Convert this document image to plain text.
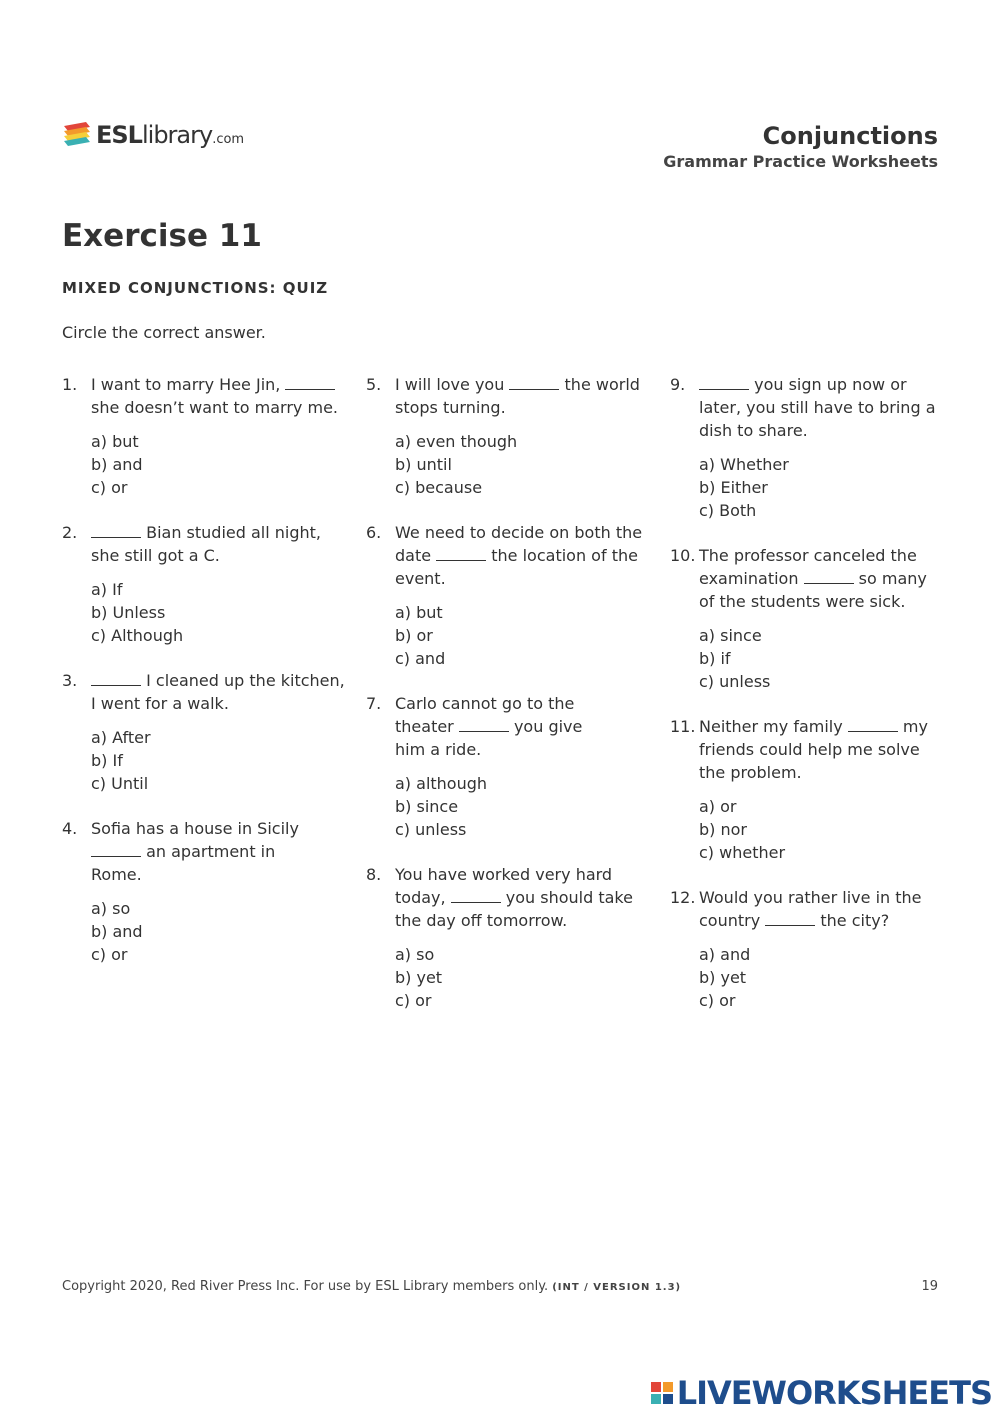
ESLlibrary.com	Conjunctions
Grammar Practice Worksheets
Exercise 11
MIXED CONJUNCTIONS: QUIZ
Circle the correct answer.
1. I want to marry Hee Jin,  she doesn’t want to marry me.
a) but
b) and
c) or
2.	Bian studied all night, she still got a C.
a) If
b) Unless
c) Although
3.	I cleaned up the kitchen, I went for a walk.
a) After
b) If
c) Until
4. Sofia has a house in Sicily  an apartment in Rome.
a) so
b) and
c) or
5. I will love you	the world stops turning.
a) even though
b) until
c) because
6. We need to decide on both the date	the location of the event.
a) but
b) or
c) and
7. Carlo cannot go to the theater	you give him a ride.
a) although
b) since
c) unless
8. You have worked very hard today,	you should take the day off tomorrow.
a) so
b) yet
c) or
9.	you sign up now or later, you still have to bring a dish to share.
a) Whether
b) Either
c) Both
10. The professor canceled the examination	so many of the students were sick.
a) since
b) if
c) unless
11. Neither my family	my friends could help me solve the problem.
a) or
b) nor
c) whether
12. Would you rather live in the country	the city?
a) and
b) yet
c) or
Copyright 2020, Red River Press Inc. For use by ESL Library members only. (INT / VERSION 1.3)	19
LIVEWORKSHEETS
